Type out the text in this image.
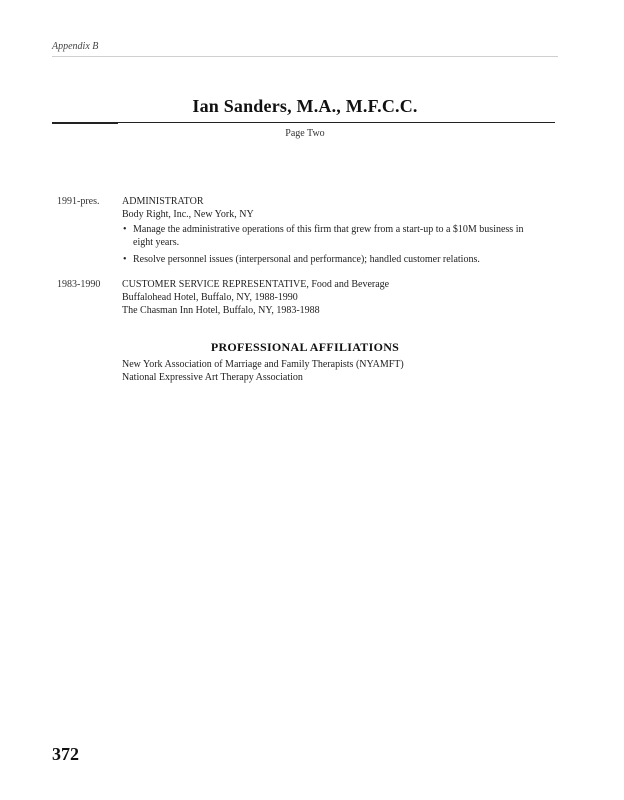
Appendix B
Ian Sanders, M.A., M.F.C.C.
Page Two
1991-pres. ADMINISTRATOR
Body Right, Inc., New York, NY
• Manage the administrative operations of this firm that grew from a start-up to a $10M business in eight years.
• Resolve personnel issues (interpersonal and performance); handled customer relations.
1983-1990 CUSTOMER SERVICE REPRESENTATIVE, Food and Beverage
Buffalohead Hotel, Buffalo, NY, 1988-1990
The Chasman Inn Hotel, Buffalo, NY, 1983-1988
PROFESSIONAL AFFILIATIONS
New York Association of Marriage and Family Therapists (NYAMFT)
National Expressive Art Therapy Association
372
